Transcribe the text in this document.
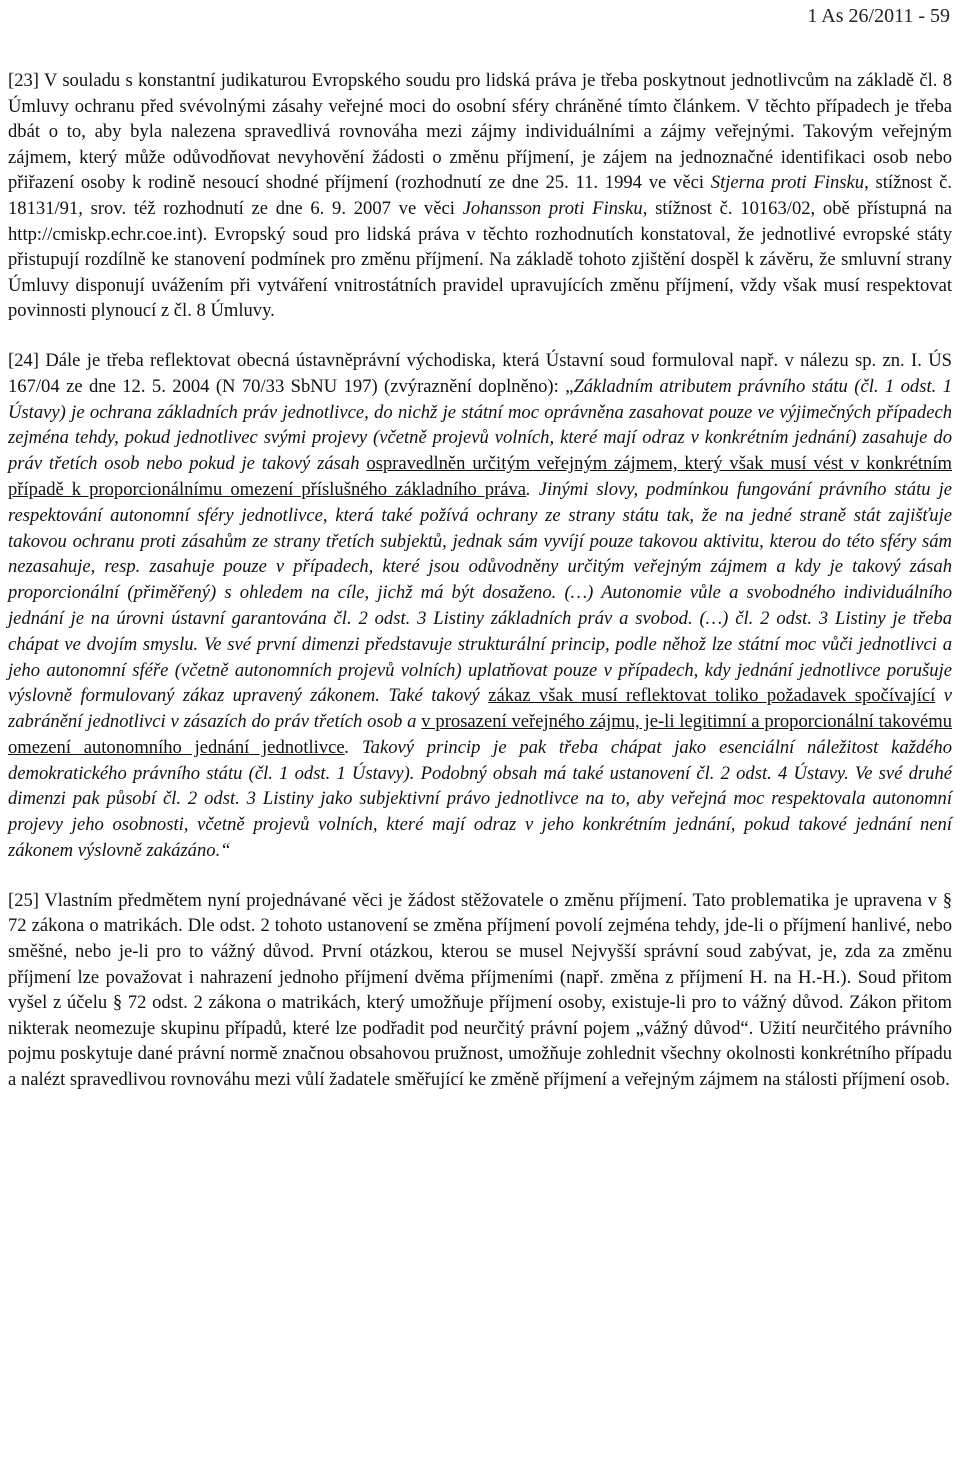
1 As 26/2011 - 59

[23] V souladu s konstantní judikaturou Evropského soudu pro lidská práva je třeba poskytnout jednotlivcům na základě čl. 8 Úmluvy ochranu před svévolnými zásahy veřejné moci do osobní sféry chráněné tímto článkem. V těchto případech je třeba dbát o to, aby byla nalezena spravedlivá rovnováha mezi zájmy individuálními a zájmy veřejnými. Takovým veřejným zájmem, který může odůvodňovat nevyhovění žádosti o změnu příjmení, je zájem na jednoznačné identifikaci osob nebo přiřazení osoby k rodině nesoucí shodné příjmení (rozhodnutí ze dne 25. 11. 1994 ve věci Stjerna proti Finsku, stížnost č. 18131/91, srov. též rozhodnutí ze dne 6. 9. 2007 ve věci Johansson proti Finsku, stížnost č. 10163/02, obě přístupná na http://cmiskp.echr.coe.int). Evropský soud pro lidská práva v těchto rozhodnutích konstatoval, že jednotlivé evropské státy přistupují rozdílně ke stanovení podmínek pro změnu příjmení. Na základě tohoto zjištění dospěl k závěru, že smluvní strany Úmluvy disponují uvážením při vytváření vnitrostátních pravidel upravujících změnu příjmení, vždy však musí respektovat povinnosti plynoucí z čl. 8 Úmluvy.

[24] Dále je třeba reflektovat obecná ústavněprávní východiska, která Ústavní soud formuloval např. v nálezu sp. zn. I. ÚS 167/04 ze dne 12. 5. 2004 (N 70/33 SbNU 197) (zvýraznění doplněno): „Základním atributem právního státu (čl. 1 odst. 1 Ústavy) je ochrana základních práv jednotlivce, do nichž je státní moc oprávněna zasahovat pouze ve výjimečných případech zejména tehdy, pokud jednotlivec svými projevy (včetně projevů volních, které mají odraz v konkrétním jednání) zasahuje do práv třetích osob nebo pokud je takový zásah ospravedlněn určitým veřejným zájmem, který však musí vést v konkrétním případě k proporcionálnímu omezení příslušného základního práva. Jinými slovy, podmínkou fungování právního státu je respektování autonomní sféry jednotlivce, která také požívá ochrany ze strany státu tak, že na jedné straně stát zajišťuje takovou ochranu proti zásahům ze strany třetích subjektů, jednak sám vyvíjí pouze takovou aktivitu, kterou do této sféry sám nezasahuje, resp. zasahuje pouze v případech, které jsou odůvodněny určitým veřejným zájmem a kdy je takový zásah proporcionální (přiměřený) s ohledem na cíle, jichž má být dosaženo. (…) Autonomie vůle a svobodného individuálního jednání je na úrovni ústavní garantována čl. 2 odst. 3 Listiny základních práv a svobod. (…) čl. 2 odst. 3 Listiny je třeba chápat ve dvojím smyslu. Ve své první dimenzi představuje strukturální princip, podle něhož lze státní moc vůči jednotlivci a jeho autonomní sféře (včetně autonomních projevů volních) uplatňovat pouze v případech, kdy jednání jednotlivce porušuje výslovně formulovaný zákaz upravený zákonem. Také takový zákaz však musí reflektovat toliko požadavek spočívající v zabránění jednotlivci v zásazích do práv třetích osob a v prosazení veřejného zájmu, je-li legitimní a proporcionální takovému omezení autonomního jednání jednotlivce. Takový princip je pak třeba chápat jako esenciální náležitost každého demokratického právního státu (čl. 1 odst. 1 Ústavy). Podobný obsah má také ustanovení čl. 2 odst. 4 Ústavy. Ve své druhé dimenzi pak působí čl. 2 odst. 3 Listiny jako subjektivní právo jednotlivce na to, aby veřejná moc respektovala autonomní projevy jeho osobnosti, včetně projevů volních, které mají odraz v jeho konkrétním jednání, pokud takové jednání není zákonem výslovně zakázáno.“

[25] Vlastním předmětem nyní projednávané věci je žádost stěžovatele o změnu příjmení. Tato problematika je upravena v § 72 zákona o matrikách. Dle odst. 2 tohoto ustanovení se změna příjmení povolí zejména tehdy, jde-li o příjmení hanlivé, nebo směšné, nebo je-li pro to vážný důvod. První otázkou, kterou se musel Nejvyšší správní soud zabývat, je, zda za změnu příjmení lze považovat i nahrazení jednoho příjmení dvěma příjmeními (např. změna z příjmení H. na H.-H.). Soud přitom vyšel z účelu § 72 odst. 2 zákona o matrikách, který umožňuje příjmení osoby, existuje-li pro to vážný důvod. Zákon přitom nikterak neomezuje skupinu případů, které lze podřadit pod neurčitý právní pojem „vážný důvod“. Užití neurčitého právního pojmu poskytuje dané právní normě značnou obsahovou pružnost, umožňuje zohlednit všechny okolnosti konkrétního případu a nalézt spravedlivou rovnováhu mezi vůlí žadatele směřující ke změně příjmení a veřejným zájmem na stálosti příjmení osob.
